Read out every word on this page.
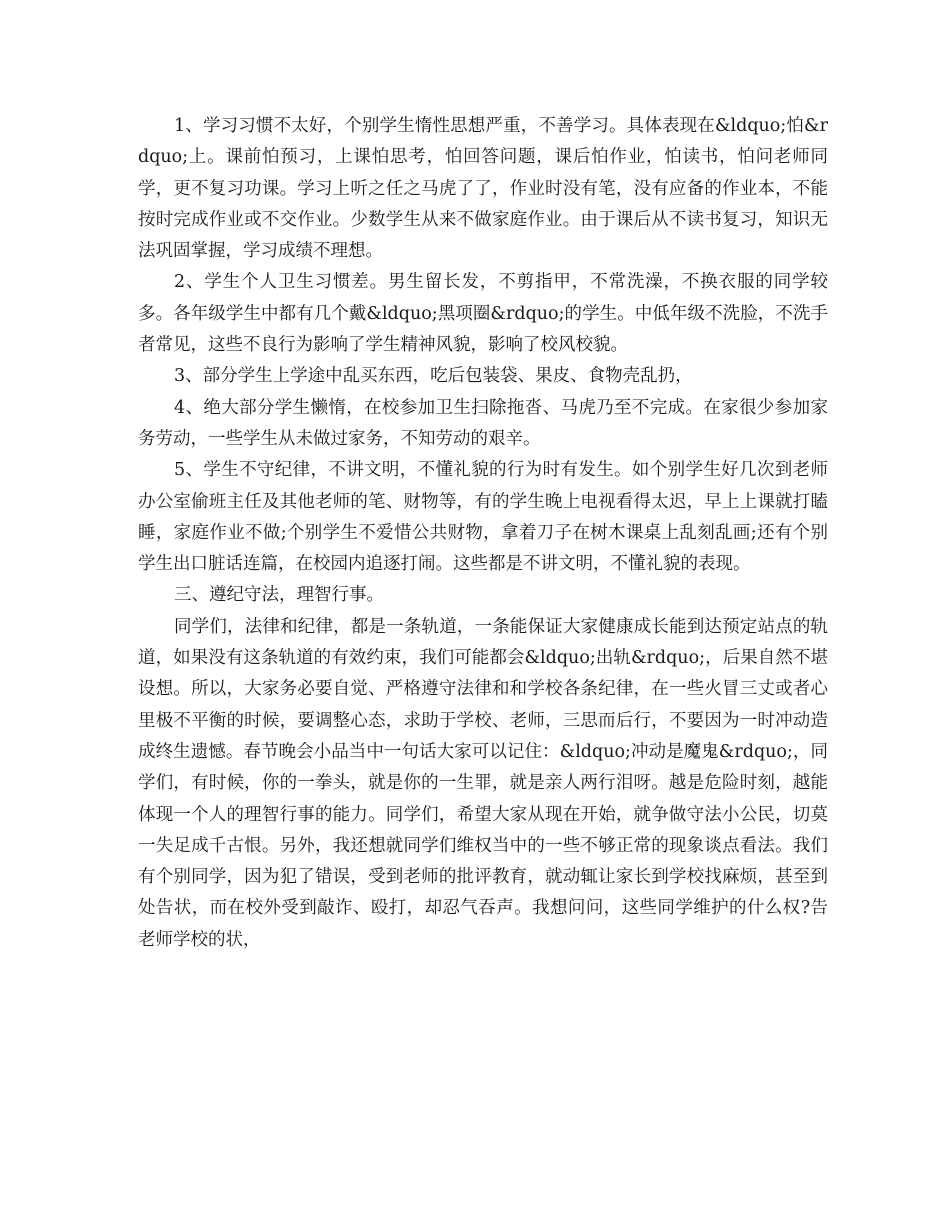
1、学习习惯不太好，个别学生惰性思想严重，不善学习。具体表现在&ldquo;怕&rdquo;上。课前怕预习，上课怕思考，怕回答问题，课后怕作业，怕读书，怕问老师同学，更不复习功课。学习上听之任之马虎了了，作业时没有笔，没有应备的作业本，不能按时完成作业或不交作业。少数学生从来不做家庭作业。由于课后从不读书复习，知识无法巩固掌握，学习成绩不理想。

2、学生个人卫生习惯差。男生留长发，不剪指甲，不常洗澡，不换衣服的同学较多。各年级学生中都有几个戴&ldquo;黑项圈&rdquo;的学生。中低年级不洗脸，不洗手者常见，这些不良行为影响了学生精神风貌，影响了校风校貌。

3、部分学生上学途中乱买东西，吃后包装袋、果皮、食物壳乱扔，

4、绝大部分学生懒惰，在校参加卫生扫除拖沓、马虎乃至不完成。在家很少参加家务劳动，一些学生从未做过家务，不知劳动的艰辛。

5、学生不守纪律，不讲文明，不懂礼貌的行为时有发生。如个别学生好几次到老师办公室偷班主任及其他老师的笔、财物等，有的学生晚上电视看得太迟，早上上课就打瞌睡，家庭作业不做;个别学生不爱惜公共财物，拿着刀子在树木课桌上乱刻乱画;还有个别学生出口脏话连篇，在校园内追逐打闹。这些都是不讲文明，不懂礼貌的表现。

三、遵纪守法，理智行事。

同学们，法律和纪律，都是一条轨道，一条能保证大家健康成长能到达预定站点的轨道，如果没有这条轨道的有效约束，我们可能都会&ldquo;出轨&rdquo;，后果自然不堪设想。所以，大家务必要自觉、严格遵守法律和和学校各条纪律，在一些火冒三丈或者心里极不平衡的时候，要调整心态，求助于学校、老师，三思而后行，不要因为一时冲动造成终生遗憾。春节晚会小品当中一句话大家可以记住：&ldquo;冲动是魔鬼&rdquo;，同学们，有时候，你的一拳头，就是你的一生罪，就是亲人两行泪呀。越是危险时刻，越能体现一个人的理智行事的能力。同学们，希望大家从现在开始，就争做守法小公民，切莫一失足成千古恨。另外，我还想就同学们维权当中的一些不够正常的现象谈点看法。我们有个别同学，因为犯了错误，受到老师的批评教育，就动辄让家长到学校找麻烦，甚至到处告状，而在校外受到敲诈、殴打，却忍气吞声。我想问问，这些同学维护的什么权?告老师学校的状，
